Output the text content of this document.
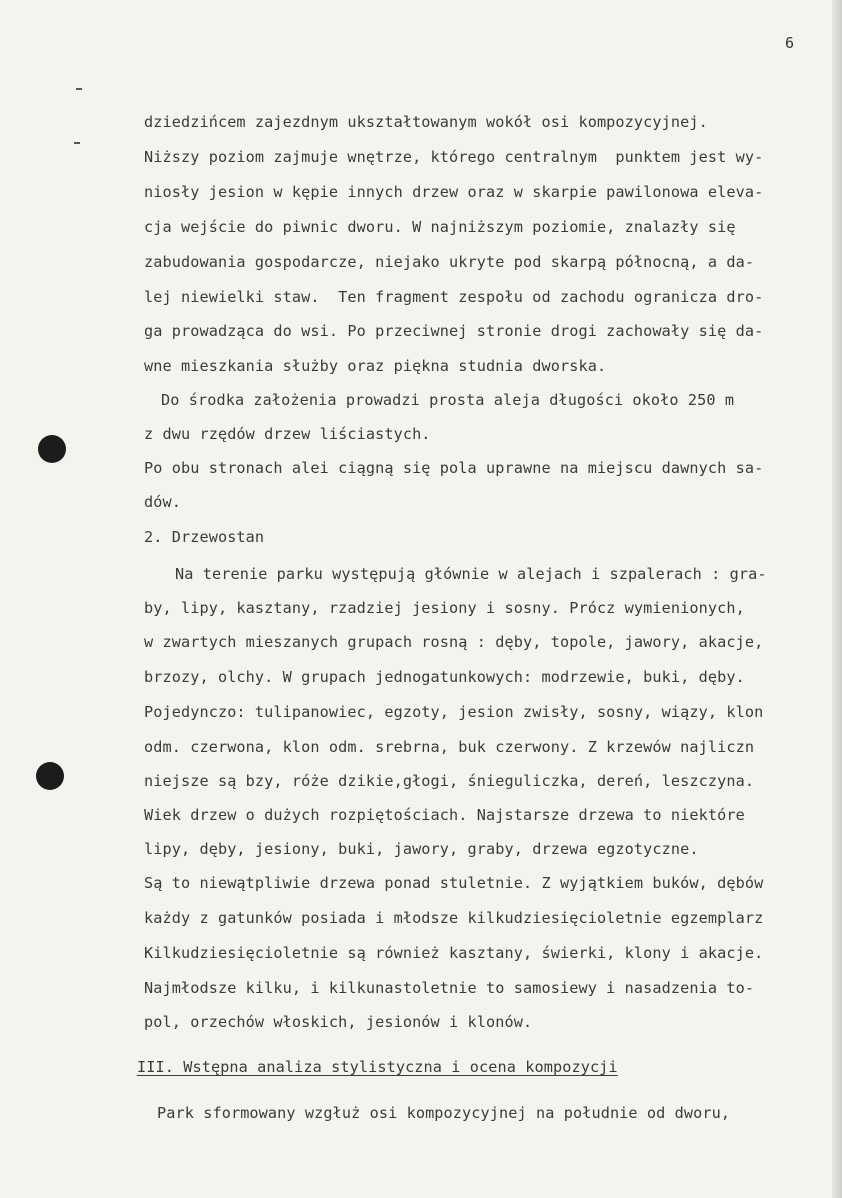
6
dziedzińcem zajezdnym ukształtowanym wokół osi kompozycyjnej.
Niższy poziom zajmuje wnętrze, którego centralnym  punktem jest wy-
niosły jesion w kępie innych drzew oraz w skarpie pawilonowa eleva-
cja wejście do piwnic dworu. W najniższym poziomie, znalazły się
zabudowania gospodarcze, niejako ukryte pod skarpą północną, a da-
lej niewielki staw.  Ten fragment zespołu od zachodu ogranicza dro-
ga prowadząca do wsi. Po przeciwnej stronie drogi zachowały się da-
wne mieszkania służby oraz piękna studnia dworska.
Do środka założenia prowadzi prosta aleja długości około 250 m
z dwu rzędów drzew liściastych.
Po obu stronach alei ciągną się pola uprawne na miejscu dawnych sa-
dów.
2. Drzewostan
Na terenie parku występują głównie w alejach i szpalerach : gra-
by, lipy, kasztany, rzadziej jesiony i sosny. Prócz wymienionych,
w zwartych mieszanych grupach rosną : dęby, topole, jawory, akacje,
brzozy, olchy. W grupach jednogatunkowych: modrzewie, buki, dęby.
Pojedynczo: tulipanowiec, egzoty, jesion zwisły, sosny, wiązy, klon
odm. czerwona, klon odm. srebrna, buk czerwony. Z krzewów najliczn
niejsze są bzy, róże dzikie,głogi, śnieguliczka, dereń, leszczyna.
Wiek drzew o dużych rozpiętościach. Najstarsze drzewa to niektóre
lipy, dęby, jesiony, buki, jawory, graby, drzewa egzotyczne.
Są to niewątpliwie drzewa ponad stuletnie. Z wyjątkiem buków, dębów
każdy z gatunków posiada i młodsze kilkudziesięcioletnie egzemplarz
Kilkudziesięcioletnie są również kasztany, świerki, klony i akacje.
Najmłodsze kilku, i kilkunastoletnie to samosiewy i nasadzenia to-
pol, orzechów włoskich, jesionów i klonów.
III. Wstępna analiza stylistyczna i ocena kompozycji
Park sformowany wzgłuż osi kompozycyjnej na południe od dworu,
